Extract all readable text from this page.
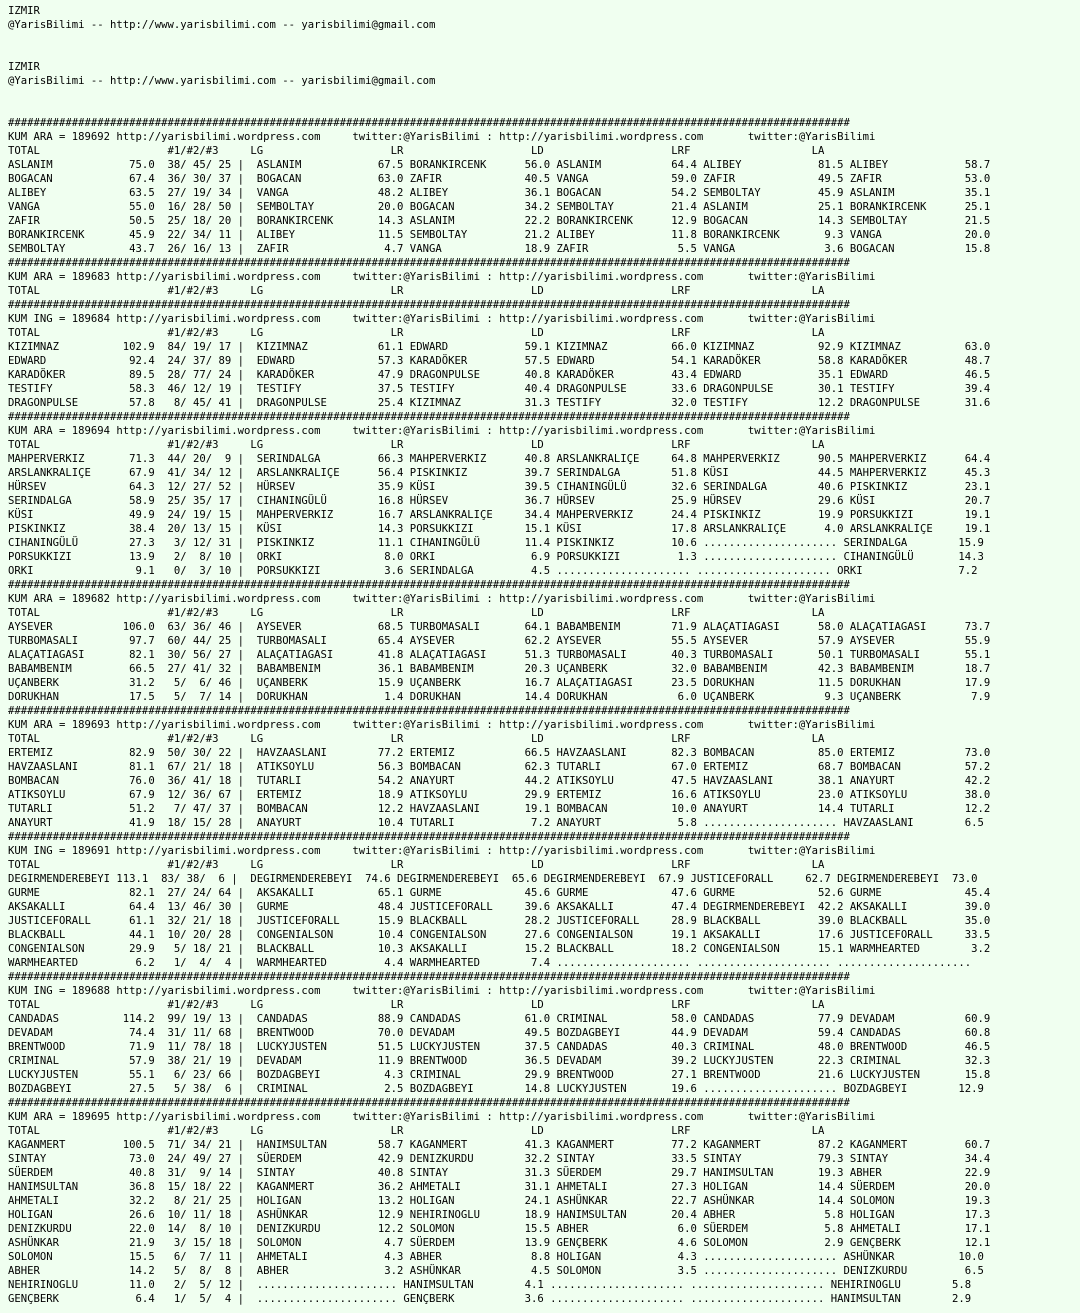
IZMIR
@YarisBilimi -- http://www.yarisbilimi.com -- yarisbilimi@gmail.com
IZMIR
@YarisBilimi -- http://www.yarisbilimi.com -- yarisbilimi@gmail.com
####################################################################################################################################
KUM ARA = 189692 http://yarisbilimi.wordpress.com     twitter:@YarisBilimi : http://yarisbilimi.wordpress.com       twitter:@YarisBilimi
TOTAL                    #1/#2/#3     LG                    LR                    LD                    LRF                   LA
ASLANIM            75.0  38/ 45/ 25 |  ASLANIM            67.5 BORANKIRCENK      56.0 ASLANIM           64.4 ALIBEY            81.5 ALIBEY            58.7
BOGACAN            67.4  36/ 30/ 37 |  BOGACAN            63.0 ZAFIR             40.5 VANGA             59.0 ZAFIR             49.5 ZAFIR             53.0
ALIBEY             63.5  27/ 19/ 34 |  VANGA              48.2 ALIBEY            36.1 BOGACAN           54.2 SEMBOLTAY         45.9 ASLANIM           35.1
VANGA              55.0  16/ 28/ 50 |  SEMBOLTAY          20.0 BOGACAN           34.2 SEMBOLTAY         21.4 ASLANIM           25.1 BORANKIRCENK      25.1
ZAFIR              50.5  25/ 18/ 20 |  BORANKIRCENK       14.3 ASLANIM           22.2 BORANKIRCENK      12.9 BOGACAN           14.3 SEMBOLTAY         21.5
BORANKIRCENK       45.9  22/ 34/ 11 |  ALIBEY             11.5 SEMBOLTAY         21.2 ALIBEY            11.8 BORANKIRCENK       9.3 VANGA             20.0
SEMBOLTAY          43.7  26/ 16/ 13 |  ZAFIR               4.7 VANGA             18.9 ZAFIR              5.5 VANGA              3.6 BOGACAN           15.8
####################################################################################################################################
KUM ARA = 189683 http://yarisbilimi.wordpress.com     twitter:@YarisBilimi : http://yarisbilimi.wordpress.com       twitter:@YarisBilimi
TOTAL                    #1/#2/#3     LG                    LR                    LD                    LRF                   LA
####################################################################################################################################
KUM ING = 189684 http://yarisbilimi.wordpress.com     twitter:@YarisBilimi : http://yarisbilimi.wordpress.com       twitter:@YarisBilimi
TOTAL                    #1/#2/#3     LG                    LR                    LD                    LRF                   LA
KIZIMNAZ          102.9  84/ 19/ 17 |  KIZIMNAZ           61.1 EDWARD            59.1 KIZIMNAZ          66.0 KIZIMNAZ          92.9 KIZIMNAZ          63.0
EDWARD             92.4  24/ 37/ 89 |  EDWARD             57.3 KARADÖKER         57.5 EDWARD            54.1 KARADÖKER         58.8 KARADÖKER         48.7
KARADÖKER          89.5  28/ 77/ 24 |  KARADÖKER          47.9 DRAGONPULSE       40.8 KARADÖKER         43.4 EDWARD            35.1 EDWARD            46.5
TESTIFY            58.3  46/ 12/ 19 |  TESTIFY            37.5 TESTIFY           40.4 DRAGONPULSE       33.6 DRAGONPULSE       30.1 TESTIFY           39.4
DRAGONPULSE        57.8   8/ 45/ 41 |  DRAGONPULSE        25.4 KIZIMNAZ          31.3 TESTIFY           32.0 TESTIFY           12.2 DRAGONPULSE       31.6
####################################################################################################################################
KUM ARA = 189694 http://yarisbilimi.wordpress.com     twitter:@YarisBilimi : http://yarisbilimi.wordpress.com       twitter:@YarisBilimi
TOTAL                    #1/#2/#3     LG                    LR                    LD                    LRF                   LA
MAHPERVERKIZ       71.3  44/ 20/  9 |  SERINDALGA         66.3 MAHPERVERKIZ      40.8 ARSLANKRALIÇE     64.8 MAHPERVERKIZ      90.5 MAHPERVERKIZ      64.4
ARSLANKRALIÇE      67.9  41/ 34/ 12 |  ARSLANKRALIÇE      56.4 PISKINKIZ         39.7 SERINDALGA        51.8 KÜSI              44.5 MAHPERVERKIZ      45.3
HÜRSEV             64.3  12/ 27/ 52 |  HÜRSEV             35.9 KÜSI              39.5 CIHANINGÜLÜ       32.6 SERINDALGA        40.6 PISKINKIZ         23.1
SERINDALGA         58.9  25/ 35/ 17 |  CIHANINGÜLÜ        16.8 HÜRSEV            36.7 HÜRSEV            25.9 HÜRSEV            29.6 KÜSI              20.7
KÜSI               49.9  24/ 19/ 15 |  MAHPERVERKIZ       16.7 ARSLANKRALIÇE     34.4 MAHPERVERKIZ      24.4 PISKINKIZ         19.9 PORSUKKIZI        19.1
PISKINKIZ          38.4  20/ 13/ 15 |  KÜSI               14.3 PORSUKKIZI        15.1 KÜSI              17.8 ARSLANKRALIÇE      4.0 ARSLANKRALIÇE     19.1
CIHANINGÜLÜ        27.3   3/ 12/ 31 |  PISKINKIZ          11.1 CIHANINGÜLÜ       11.4 PISKINKIZ         10.6 ..................... SERINDALGA        15.9
PORSUKKIZI         13.9   2/  8/ 10 |  ORKI                8.0 ORKI               6.9 PORSUKKIZI         1.3 ..................... CIHANINGÜLÜ       14.3
ORKI                9.1   0/  3/ 10 |  PORSUKKIZI          3.6 SERINDALGA         4.5 ..................... ..................... ORKI               7.2
####################################################################################################################################
KUM ARA = 189682 http://yarisbilimi.wordpress.com     twitter:@YarisBilimi : http://yarisbilimi.wordpress.com       twitter:@YarisBilimi
TOTAL                    #1/#2/#3     LG                    LR                    LD                    LRF                   LA
AYSEVER           106.0  63/ 36/ 46 |  AYSEVER            68.5 TURBOMASALI       64.1 BABAMBENIM        71.9 ALAÇATIAGASI      58.0 ALAÇATIAGASI      73.7
TURBOMASALI        97.7  60/ 44/ 25 |  TURBOMASALI        65.4 AYSEVER           62.2 AYSEVER           55.5 AYSEVER           57.9 AYSEVER           55.9
ALAÇATIAGASI       82.1  30/ 56/ 27 |  ALAÇATIAGASI       41.8 ALAÇATIAGASI      51.3 TURBOMASALI       40.3 TURBOMASALI       50.1 TURBOMASALI       55.1
BABAMBENIM         66.5  27/ 41/ 32 |  BABAMBENIM         36.1 BABAMBENIM        20.3 UÇANBERK          32.0 BABAMBENIM        42.3 BABAMBENIM        18.7
UÇANBERK           31.2   5/  6/ 46 |  UÇANBERK           15.9 UÇANBERK          16.7 ALAÇATIAGASI      23.5 DORUKHAN          11.5 DORUKHAN          17.9
DORUKHAN           17.5   5/  7/ 14 |  DORUKHAN            1.4 DORUKHAN          14.4 DORUKHAN           6.0 UÇANBERK           9.3 UÇANBERK           7.9
####################################################################################################################################
KUM ARA = 189693 http://yarisbilimi.wordpress.com     twitter:@YarisBilimi : http://yarisbilimi.wordpress.com       twitter:@YarisBilimi
TOTAL                    #1/#2/#3     LG                    LR                    LD                    LRF                   LA
ERTEMIZ            82.9  50/ 30/ 22 |  HAVZAASLANI        77.2 ERTEMIZ           66.5 HAVZAASLANI       82.3 BOMBACAN          85.0 ERTEMIZ           73.0
HAVZAASLANI        81.1  67/ 21/ 18 |  ATIKSOYLU          56.3 BOMBACAN          62.3 TUTARLI           67.0 ERTEMIZ           68.7 BOMBACAN          57.2
BOMBACAN           76.0  36/ 41/ 18 |  TUTARLI            54.2 ANAYURT           44.2 ATIKSOYLU         47.5 HAVZAASLANI       38.1 ANAYURT           42.2
ATIKSOYLU          67.9  12/ 36/ 67 |  ERTEMIZ            18.9 ATIKSOYLU         29.9 ERTEMIZ           16.6 ATIKSOYLU         23.0 ATIKSOYLU         38.0
TUTARLI            51.2   7/ 47/ 37 |  BOMBACAN           12.2 HAVZAASLANI       19.1 BOMBACAN          10.0 ANAYURT           14.4 TUTARLI           12.2
ANAYURT            41.9  18/ 15/ 28 |  ANAYURT            10.4 TUTARLI            7.2 ANAYURT            5.8 ..................... HAVZAASLANI        6.5
####################################################################################################################################
KUM ING = 189691 http://yarisbilimi.wordpress.com     twitter:@YarisBilimi : http://yarisbilimi.wordpress.com       twitter:@YarisBilimi
TOTAL                    #1/#2/#3     LG                    LR                    LD                    LRF                   LA
DEGIRMENDEREBEYI 113.1  83/ 38/  6 |  DEGIRMENDEREBEYI  74.6 DEGIRMENDEREBEYI  65.6 DEGIRMENDEREBEYI  67.9 JUSTICEFORALL     62.7 DEGIRMENDEREBEYI  73.0
GURME              82.1  27/ 24/ 64 |  AKSAKALLI          65.1 GURME             45.6 GURME             47.6 GURME             52.6 GURME             45.4
AKSAKALLI          64.4  13/ 46/ 30 |  GURME              48.4 JUSTICEFORALL     39.6 AKSAKALLI         47.4 DEGIRMENDEREBEYI  42.2 AKSAKALLI         39.0
JUSTICEFORALL      61.1  32/ 21/ 18 |  JUSTICEFORALL      15.9 BLACKBALL         28.2 JUSTICEFORALL     28.9 BLACKBALL         39.0 BLACKBALL         35.0
BLACKBALL          44.1  10/ 20/ 28 |  CONGENIALSON       10.4 CONGENIALSON      27.6 CONGENIALSON      19.1 AKSAKALLI         17.6 JUSTICEFORALL     33.5
CONGENIALSON       29.9   5/ 18/ 21 |  BLACKBALL          10.3 AKSAKALLI         15.2 BLACKBALL         18.2 CONGENIALSON      15.1 WARMHEARTED        3.2
WARMHEARTED         6.2   1/  4/  4 |  WARMHEARTED         4.4 WARMHEARTED        7.4 ..................... ..................... .....................
####################################################################################################################################
KUM ING = 189688 http://yarisbilimi.wordpress.com     twitter:@YarisBilimi : http://yarisbilimi.wordpress.com       twitter:@YarisBilimi
TOTAL                    #1/#2/#3     LG                    LR                    LD                    LRF                   LA
CANDADAS          114.2  99/ 19/ 13 |  CANDADAS           88.9 CANDADAS          61.0 CRIMINAL          58.0 CANDADAS          77.9 DEVADAM           60.9
DEVADAM            74.4  31/ 11/ 68 |  BRENTWOOD          70.0 DEVADAM           49.5 BOZDAGBEYI        44.9 DEVADAM           59.4 CANDADAS          60.8
BRENTWOOD          71.9  11/ 78/ 18 |  LUCKYJUSTEN        51.5 LUCKYJUSTEN       37.5 CANDADAS          40.3 CRIMINAL          48.0 BRENTWOOD         46.5
CRIMINAL           57.9  38/ 21/ 19 |  DEVADAM            11.9 BRENTWOOD         36.5 DEVADAM           39.2 LUCKYJUSTEN       22.3 CRIMINAL          32.3
LUCKYJUSTEN        55.1   6/ 23/ 66 |  BOZDAGBEYI          4.3 CRIMINAL          29.9 BRENTWOOD         27.1 BRENTWOOD         21.6 LUCKYJUSTEN       15.8
BOZDAGBEYI         27.5   5/ 38/  6 |  CRIMINAL            2.5 BOZDAGBEYI        14.8 LUCKYJUSTEN       19.6 ..................... BOZDAGBEYI        12.9
####################################################################################################################################
KUM ARA = 189695 http://yarisbilimi.wordpress.com     twitter:@YarisBilimi : http://yarisbilimi.wordpress.com       twitter:@YarisBilimi
TOTAL                    #1/#2/#3     LG                    LR                    LD                    LRF                   LA
KAGANMERT         100.5  71/ 34/ 21 |  HANIMSULTAN        58.7 KAGANMERT         41.3 KAGANMERT         77.2 KAGANMERT         87.2 KAGANMERT         60.7
SINTAY             73.0  24/ 49/ 27 |  SÜERDEM            42.9 DENIZKURDU        32.2 SINTAY            33.5 SINTAY            79.3 SINTAY            34.4
SÜERDEM            40.8  31/  9/ 14 |  SINTAY             40.8 SINTAY            31.3 SÜERDEM           29.7 HANIMSULTAN       19.3 ABHER             22.9
HANIMSULTAN        36.8  15/ 18/ 22 |  KAGANMERT          36.2 AHMETALI          31.1 AHMETALI          27.3 HOLIGAN           14.4 SÜERDEM           20.0
AHMETALI           32.2   8/ 21/ 25 |  HOLIGAN            13.2 HOLIGAN           24.1 ASHÜNKAR          22.7 ASHÜNKAR          14.4 SOLOMON           19.3
HOLIGAN            26.6  10/ 11/ 18 |  ASHÜNKAR           12.9 NEHIRINOGLU       18.9 HANIMSULTAN       20.4 ABHER              5.8 HOLIGAN           17.3
DENIZKURDU         22.0  14/  8/ 10 |  DENIZKURDU         12.2 SOLOMON           15.5 ABHER              6.0 SÜERDEM            5.8 AHMETALI          17.1
ASHÜNKAR           21.9   3/ 15/ 18 |  SOLOMON             4.7 SÜERDEM           13.9 GENÇBERK           4.6 SOLOMON            2.9 GENÇBERK          12.1
SOLOMON            15.5   6/  7/ 11 |  AHMETALI            4.3 ABHER              8.8 HOLIGAN            4.3 ..................... ASHÜNKAR          10.0
ABHER              14.2   5/  8/  8 |  ABHER               3.2 ASHÜNKAR           4.5 SOLOMON            3.5 ..................... DENIZKURDU         6.5
NEHIRINOGLU        11.0   2/  5/ 12 |  ...................... HANIMSULTAN        4.1 ..................... ..................... NEHIRINOGLU        5.8
GENÇBERK            6.4   1/  5/  4 |  ...................... GENÇBERK           3.6 ..................... ..................... HANIMSULTAN        2.9
